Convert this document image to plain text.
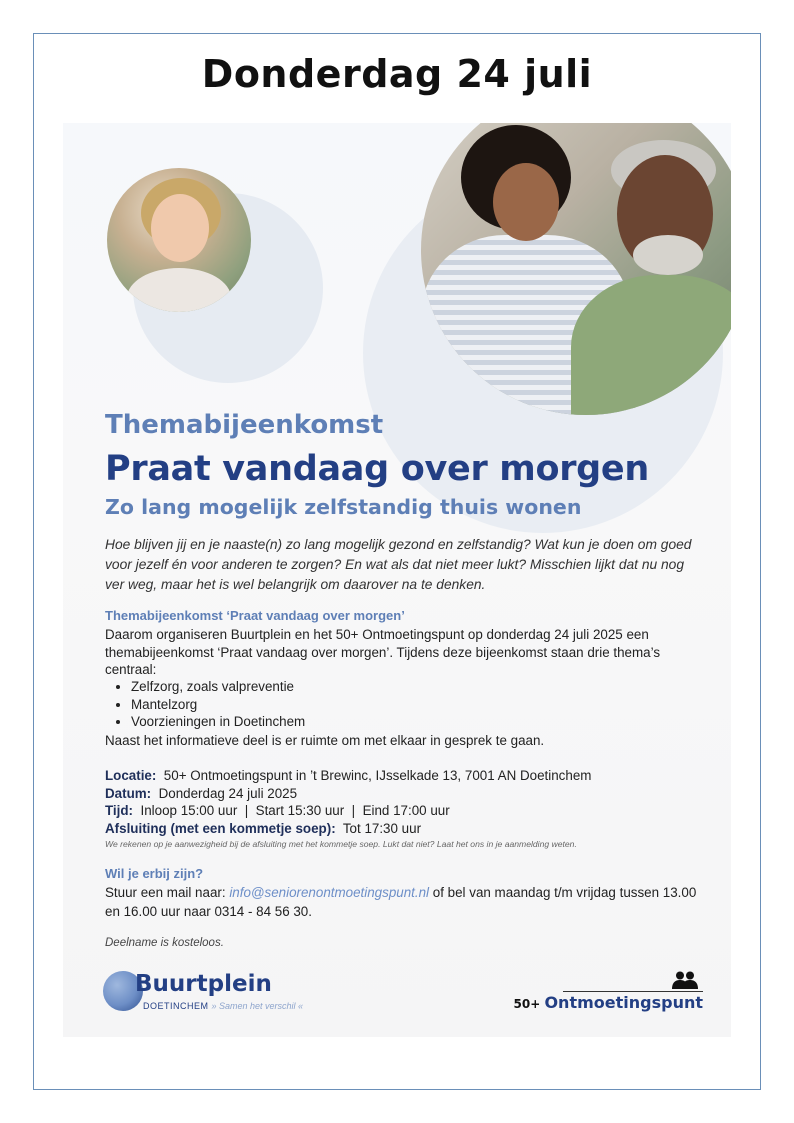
Donderdag 24 juli
Themabijeenkomst
Praat vandaag over morgen
Zo lang mogelijk zelfstandig thuis wonen
Hoe blijven jij en je naaste(n) zo lang mogelijk gezond en zelfstandig? Wat kun je doen om goed voor jezelf én voor anderen te zorgen? En wat als dat niet meer lukt? Misschien lijkt dat nu nog ver weg, maar het is wel belangrijk om daarover na te denken.
Themabijeenkomst ‘Praat vandaag over morgen’
Daarom organiseren Buurtplein en het 50+ Ontmoetingspunt op donderdag 24 juli 2025 een themabijeenkomst ‘Praat vandaag over morgen’. Tijdens deze bijeenkomst staan drie thema’s centraal:
• Zelfzorg, zoals valpreventie
• Mantelzorg
• Voorzieningen in Doetinchem
Naast het informatieve deel is er ruimte om met elkaar in gesprek te gaan.
Locatie: 50+ Ontmoetingspunt in ’t Brewinc, IJsselkade 13, 7001 AN Doetinchem
Datum: Donderdag 24 juli 2025
Tijd: Inloop 15:00 uur  |  Start 15:30 uur  |  Eind 17:00 uur
Afsluiting (met een kommetje soep): Tot 17:30 uur
We rekenen op je aanwezigheid bij de afsluiting met het kommetje soep. Lukt dat niet? Laat het ons in je aanmelding weten.
Wil je erbij zijn?
Stuur een mail naar: info@seniorenontmoetingspunt.nl of bel van maandag t/m vrijdag tussen 13.00 en 16.00 uur naar 0314 - 84 56 30.
Deelname is kosteloos.
Buurtplein
DOETINCHEM » Samen het verschil «	50+ Ontmoetingspunt
